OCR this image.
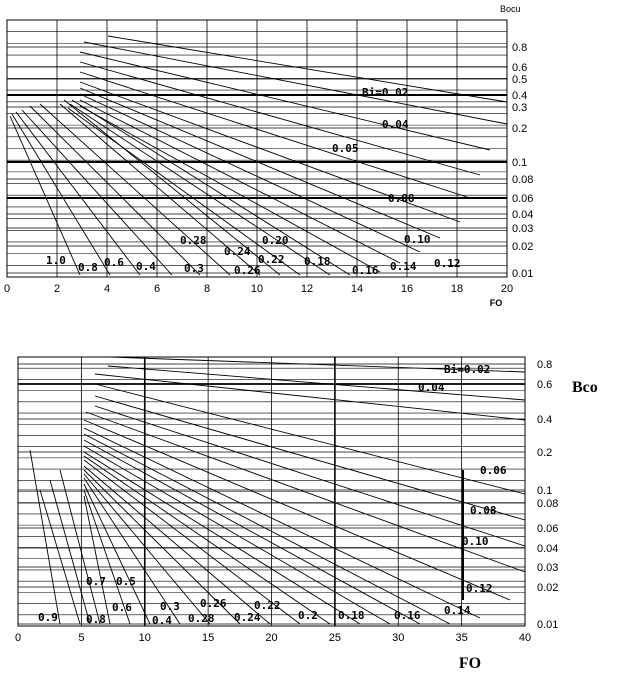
0	2	4	6	8	10	12	14	16	18	20
0.8
0.6
0.5
0.4
0.3
0.2
0.1
0.08
0.06
0.04
0.03
0.02
0.01
Bocu
FO
0	5	10	15	20	25	30	35	40
0.8
0.6
0.4
0.2
0.1
0.08
0.06
0.04
0.03
0.02
0.01
Bco
FO
Bi=0.02
0.04
0.05
0.08
0.10
0.12
0.14
0.16
0.18
0.20
0.22
0.24
0.26
0.28
0.3
0.4
0.6
0.8
1.0
Bi=0.02
0.04
0.06
0.08
0.10
0.12
0.14
0.16
0.18
0.2
0.22
0.24
0.26
0.28
0.3
0.4
0.5
0.6
0.7
0.8
0.9
